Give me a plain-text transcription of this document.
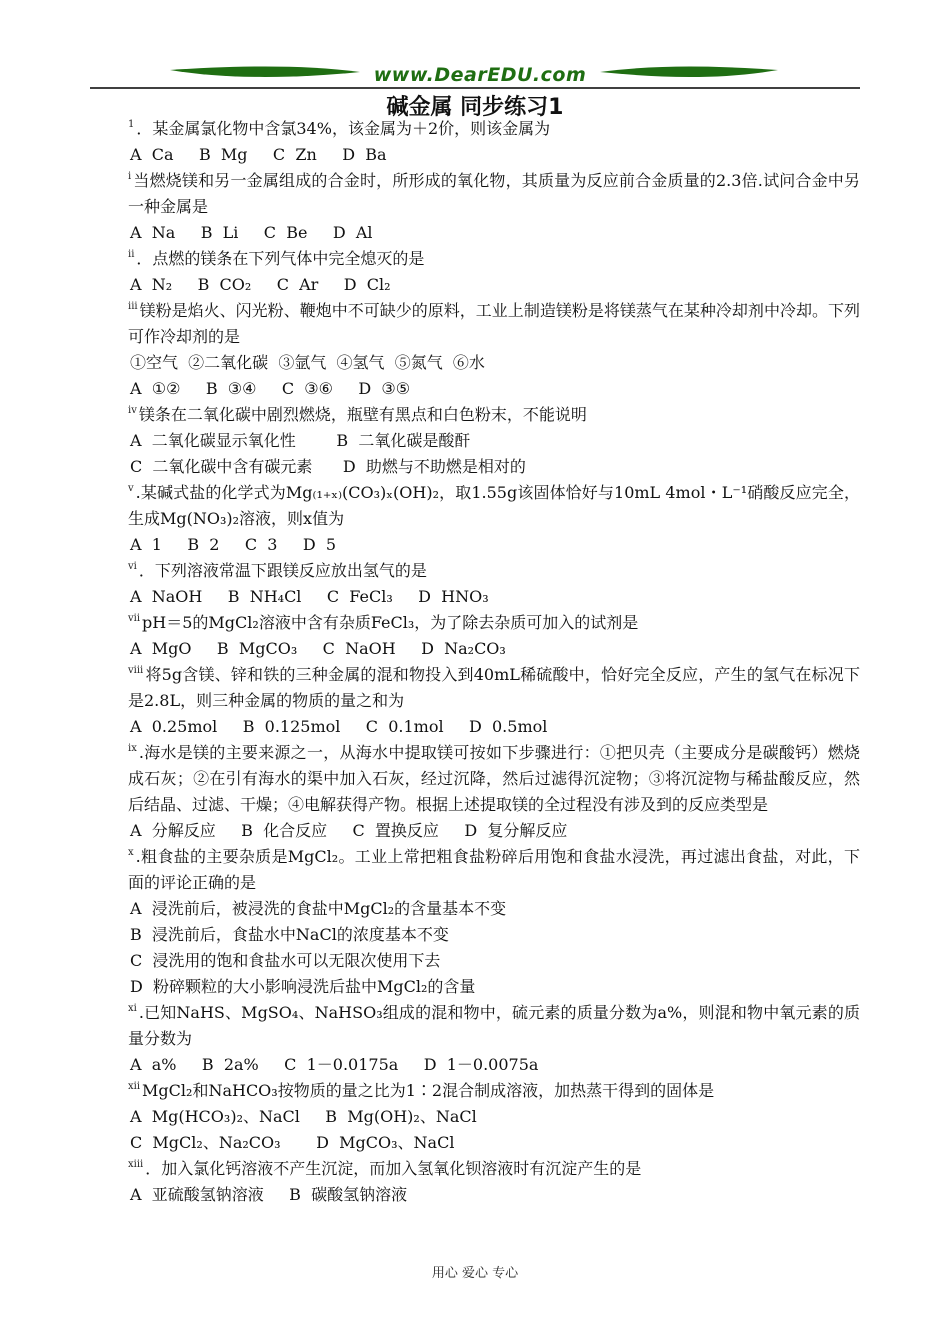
www.DearEDU.com
碱金属 同步练习1
$^1$ ．某金属氯化物中含氯34%，该金属为＋2价，则该金属为
A  Ca     B  Mg     C  Zn     D  Ba
$^i$ 当燃烧镁和另一金属组成的合金时，所形成的氧化物，其质量为反应前合金质量的2.3倍.试问合金中另一种金属是
A  Na     B  Li     C  Be     D  Al
$^{ii}$ ．点燃的镁条在下列气体中完全熄灭的是
A  N₂     B  CO₂     C  Ar     D  Cl₂
$^{iii}$ 镁粉是焰火、闪光粉、鞭炮中不可缺少的原料，工业上制造镁粉是将镁蒸气在某种冷却剂中冷却。下列可作冷却剂的是
①空气  ②二氧化碳  ③氩气  ④氢气  ⑤氮气  ⑥水
A  ①②     B  ③④     C  ③⑥     D  ③⑤
$^{iv}$ 镁条在二氧化碳中剧烈燃烧，瓶壁有黑点和白色粉末，不能说明
A  二氧化碳显示氧化性        B  二氧化碳是酸酐
C  二氧化碳中含有碳元素      D  助燃与不助燃是相对的
$^v$ .某碱式盐的化学式为Mg₍₁₊ₓ₎(CO₃)ₓ(OH)₂，取1.55g该固体恰好与10mL 4mol・L⁻¹硝酸反应完全，生成Mg(NO₃)₂溶液，则x值为
A  1     B  2     C  3     D  5
$^{vi}$ ．下列溶液常温下跟镁反应放出氢气的是
A  NaOH     B  NH₄Cl     C  FeCl₃     D  HNO₃
$^{vii}$ pH＝5的MgCl₂溶液中含有杂质FeCl₃，为了除去杂质可加入的试剂是
A  MgO     B  MgCO₃     C  NaOH     D  Na₂CO₃
$^{viii}$ 将5g含镁、锌和铁的三种金属的混和物投入到40mL稀硫酸中，恰好完全反应，产生的氢气在标况下是2.8L，则三种金属的物质的量之和为
A  0.25mol     B  0.125mol     C  0.1mol     D  0.5mol
$^{ix}$ .海水是镁的主要来源之一，从海水中提取镁可按如下步骤进行：①把贝壳（主要成分是碳酸钙）燃烧成石灰；②在引有海水的渠中加入石灰，经过沉降，然后过滤得沉淀物；③将沉淀物与稀盐酸反应，然后结晶、过滤、干燥；④电解获得产物。根据上述提取镁的全过程没有涉及到的反应类型是
A  分解反应     B  化合反应     C  置换反应     D  复分解反应
$^x$ .粗食盐的主要杂质是MgCl₂。工业上常把粗食盐粉碎后用饱和食盐水浸洗，再过滤出食盐，对此，下面的评论正确的是
A  浸洗前后，被浸洗的食盐中MgCl₂的含量基本不变
B  浸洗前后，食盐水中NaCl的浓度基本不变
C  浸洗用的饱和食盐水可以无限次使用下去
D  粉碎颗粒的大小影响浸洗后盐中MgCl₂的含量
$^{xi}$ .已知NaHS、MgSO₄、NaHSO₃组成的混和物中，硫元素的质量分数为a%，则混和物中氧元素的质量分数为
A  a%     B  2a%     C  1－0.0175a     D  1－0.0075a
$^{xii}$ MgCl₂和NaHCO₃按物质的量之比为1∶2混合制成溶液，加热蒸干得到的固体是
A  Mg(HCO₃)₂、NaCl     B  Mg(OH)₂、NaCl
C  MgCl₂、Na₂CO₃       D  MgCO₃、NaCl
$^{xiii}$ ．加入氯化钙溶液不产生沉淀，而加入氢氧化钡溶液时有沉淀产生的是
A  亚硫酸氢钠溶液     B  碳酸氢钠溶液
用心 爱心 专心
